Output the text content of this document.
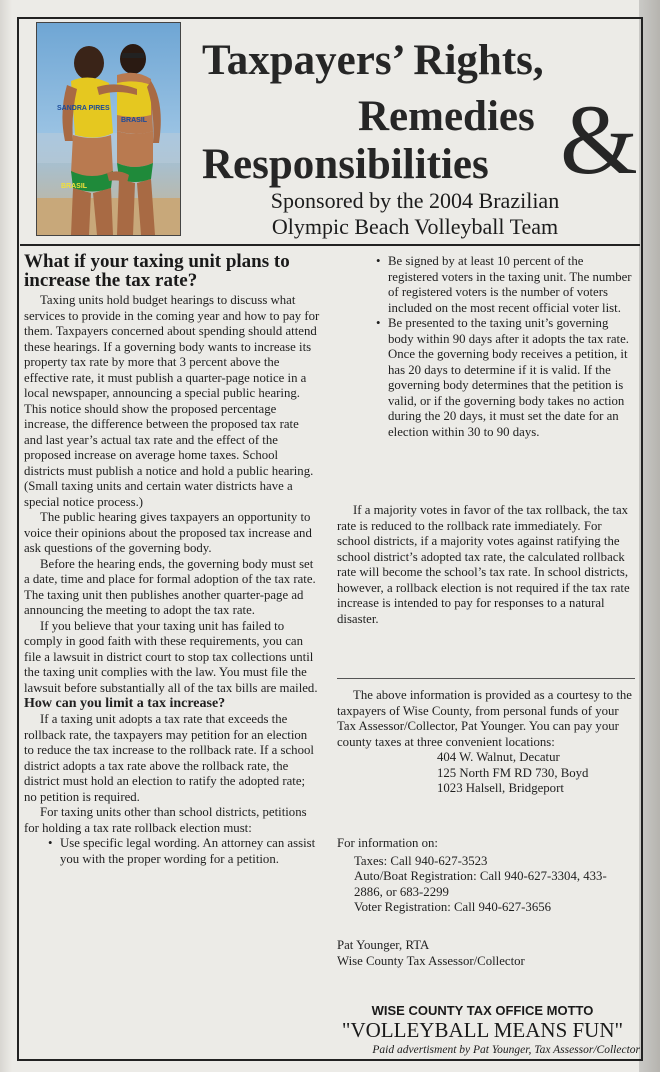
SANDRA PIRES
BRASIL
BRASIL
Taxpayers’ Rights,
Remedies
Responsibilities &
Sponsored by the 2004 Brazilian
Olympic Beach Volleyball Team

What if your taxing unit plans to increase the tax rate?

Taxing units hold budget hearings to discuss what services to provide in the coming year and how to pay for them. Taxpayers concerned about spending should attend these hearings. If a governing body wants to increase its property tax rate by more that 3 percent above the effective rate, it must publish a quarter-page notice in a local newspaper, announcing a special public hearing. This notice should show the proposed percentage increase, the difference between the proposed tax rate and last year’s actual tax rate and the effect of the proposed increase on average home taxes. School districts must publish a notice and hold a public hearing. (Small taxing units and certain water districts have a special notice process.)

The public hearing gives taxpayers an opportunity to voice their opinions about the proposed tax increase and ask questions of the governing body.

Before the hearing ends, the governing body must set a date, time and place for formal adoption of the tax rate. The taxing unit then publishes another quarter-page ad announcing the meeting to adopt the tax rate.

If you believe that your taxing unit has failed to comply in good faith with these requirements, you can file a lawsuit in district court to stop tax collections until the taxing unit complies with the law. You must file the lawsuit before substantially all of the tax bills are mailed.

How can you limit a tax increase?

If a taxing unit adopts a tax rate that exceeds the rollback rate, the taxpayers may petition for an election to reduce the tax increase to the rollback rate. If a school district adopts a tax rate above the rollback rate, the district must hold an election to ratify the adopted rate; no petition is required.

For taxing units other than school districts, petitions for holding a tax rate rollback election must:

• Use specific legal wording. An attorney can assist you with the proper wording for a petition.

• Be signed by at least 10 percent of the registered voters in the taxing unit. The number of registered voters is the number of voters included on the most recent official voter list.

• Be presented to the taxing unit’s governing body within 90 days after it adopts the tax rate. Once the governing body receives a petition, it has 20 days to determine if it is valid. If the governing body determines that the petition is valid, or if the governing body takes no action during the 20 days, it must set the date for an election within 30 to 90 days.

If a majority votes in favor of the tax rollback, the tax rate is reduced to the rollback rate immediately. For school districts, if a majority votes against ratifying the school district’s adopted tax rate, the calculated rollback rate will become the school’s tax rate. In school districts, however, a rollback election is not required if the tax rate increase is intended to pay for responses to a natural disaster.

The above information is provided as a courtesy to the taxpayers of Wise County, from personal funds of your Tax Assessor/Collector, Pat Younger. You can pay your county taxes at three convenient locations:

404 W. Walnut, Decatur

125 North FM RD 730, Boyd

1023 Halsell, Bridgeport

For information on:

Taxes: Call 940-627-3523

Auto/Boat Registration: Call 940-627-3304, 433-2886, or 683-2299

Voter Registration: Call 940-627-3656

Pat Younger, RTA

Wise County Tax Assessor/Collector

WISE COUNTY TAX OFFICE MOTTO
"VOLLEYBALL MEANS FUN"
Paid advertisment by Pat Younger, Tax Assessor/Collector
